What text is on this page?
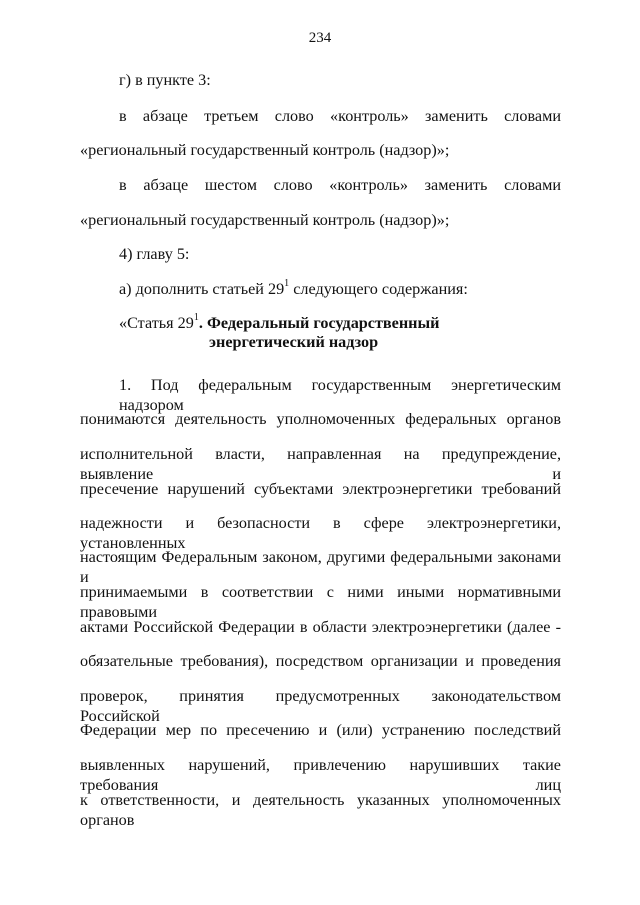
234
г) в пункте 3:
в абзаце третьем слово «контроль» заменить словами
«региональный государственный контроль (надзор)»;
в абзаце шестом слово «контроль» заменить словами
«региональный государственный контроль (надзор)»;
4) главу 5:
а) дополнить статьей $29^1$ следующего содержания:
«Статья $29^1$. Федеральный государственный
энергетический надзор
1. Под федеральным государственным энергетическим надзором
понимаются деятельность уполномоченных федеральных органов
исполнительной власти, направленная на предупреждение, выявление и
пресечение нарушений субъектами электроэнергетики требований
надежности и безопасности в сфере электроэнергетики, установленных
настоящим Федеральным законом, другими федеральными законами и
принимаемыми в соответствии с ними иными нормативными правовыми
актами Российской Федерации в области электроэнергетики (далее -
обязательные требования), посредством организации и проведения
проверок, принятия предусмотренных законодательством Российской
Федерации мер по пресечению и (или) устранению последствий
выявленных нарушений, привлечению нарушивших такие требования лиц
к ответственности, и деятельность указанных уполномоченных органов
